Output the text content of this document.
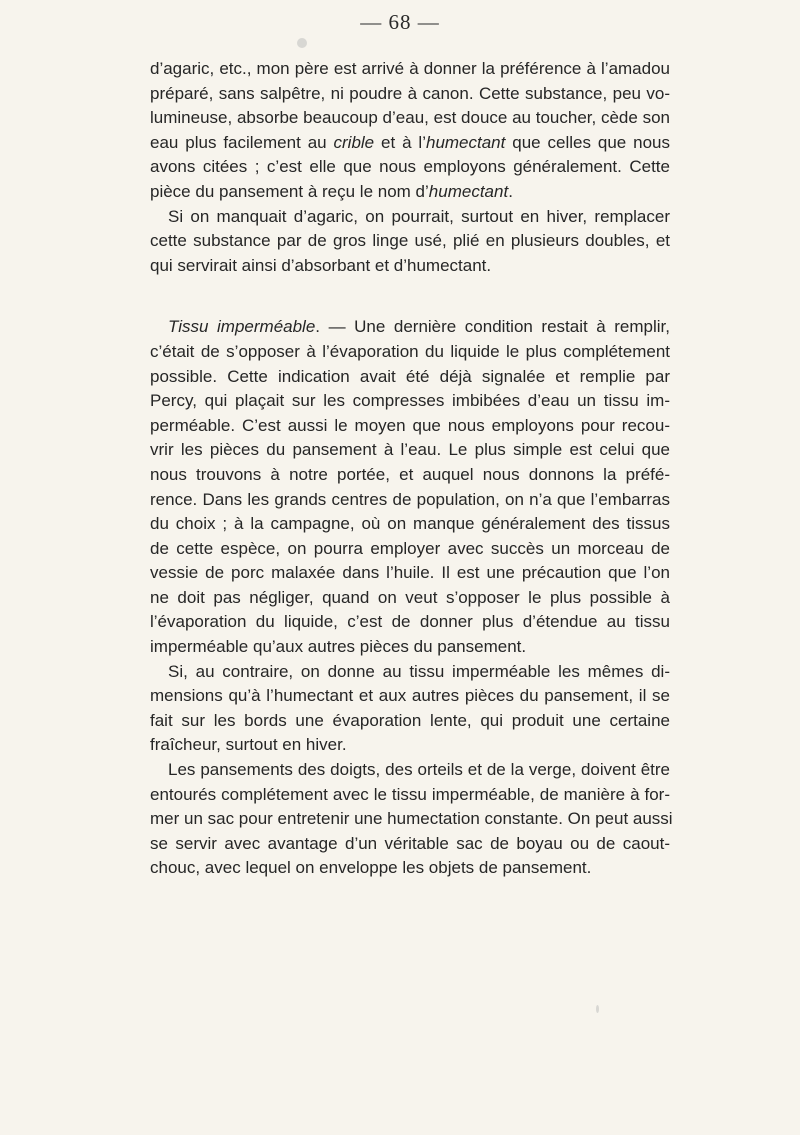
— 68 —

d’agaric, etc., mon père est arrivé à donner la préférence à l’amadou
préparé, sans salpêtre, ni poudre à canon. Cette substance, peu vo-
lumineuse, absorbe beaucoup d’eau, est douce au toucher, cède son
eau plus facilement au crible et à l’humectant que celles que nous
avons citées ; c’est elle que nous employons généralement. Cette
pièce du pansement à reçu le nom d’humectant.

Si on manquait d’agaric, on pourrait, surtout en hiver, remplacer
cette substance par de gros linge usé, plié en plusieurs doubles, et
qui servirait ainsi d’absorbant et d’humectant.

Tissu imperméable. — Une dernière condition restait à remplir,
c’était de s’opposer à l’évaporation du liquide le plus complétement
possible. Cette indication avait été déjà signalée et remplie par
Percy, qui plaçait sur les compresses imbibées d’eau un tissu im-
perméable. C’est aussi le moyen que nous employons pour recou-
vrir les pièces du pansement à l’eau. Le plus simple est celui que
nous trouvons à notre portée, et auquel nous donnons la préfé-
rence. Dans les grands centres de population, on n’a que l’embarras
du choix ; à la campagne, où on manque généralement des tissus
de cette espèce, on pourra employer avec succès un morceau de
vessie de porc malaxée dans l’huile. Il est une précaution que l’on
ne doit pas négliger, quand on veut s’opposer le plus possible à
l’évaporation du liquide, c’est de donner plus d’étendue au tissu
imperméable qu’aux autres pièces du pansement.

Si, au contraire, on donne au tissu imperméable les mêmes di-
mensions qu’à l’humectant et aux autres pièces du pansement, il se
fait sur les bords une évaporation lente, qui produit une certaine
fraîcheur, surtout en hiver.

Les pansements des doigts, des orteils et de la verge, doivent être
entourés complétement avec le tissu imperméable, de manière à for-
mer un sac pour entretenir une humectation constante. On peut aussi
se servir avec avantage d’un véritable sac de boyau ou de caout-
chouc, avec lequel on enveloppe les objets de pansement.
